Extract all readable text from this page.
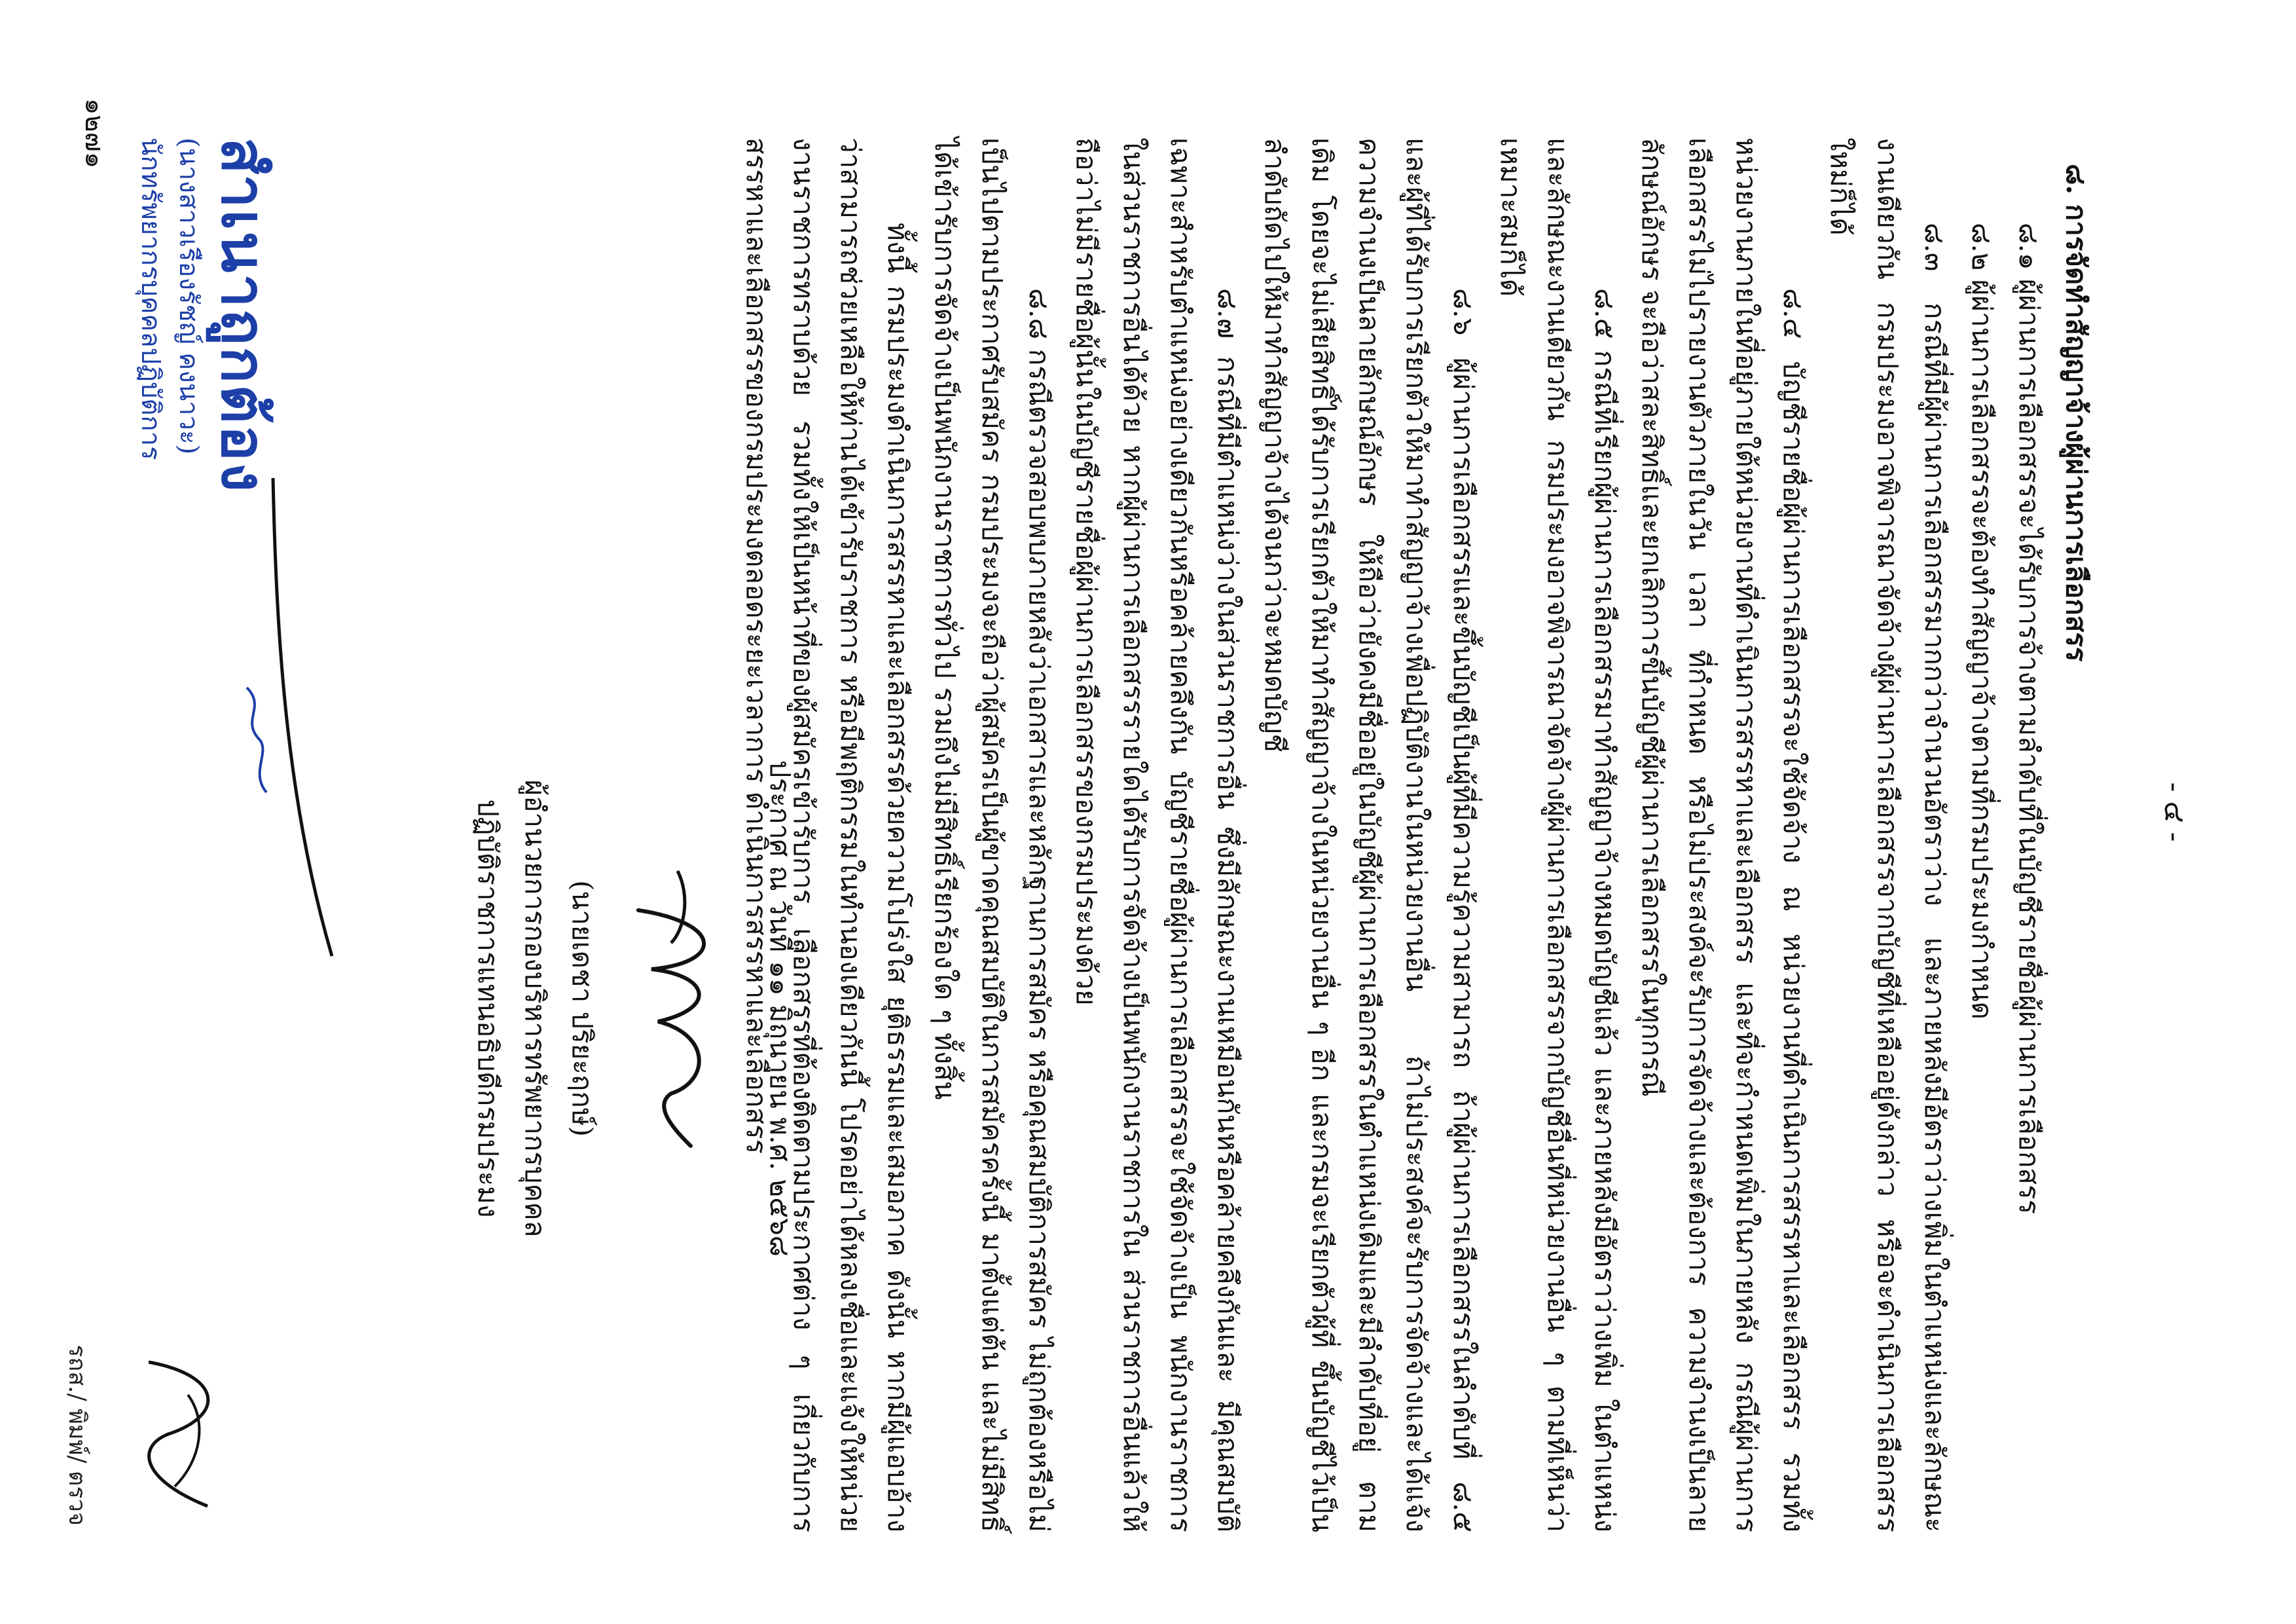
- ๔ -

๘. การจัดทำสัญญาจ้างผู้ผ่านการเลือกสรร

๘.๑ ผู้ผ่านการเลือกสรรจะได้รับการจ้างตามลำดับที่ในบัญชีรายชื่อผู้ผ่านการเลือกสรร

๘.๒ ผู้ผ่านการเลือกสรรจะต้องทำสัญญาจ้างตามที่กรมประมงกำหนด

๘.๓ กรณีที่มีผู้ผ่านการเลือกสรรมากกว่าจำนวนอัตราว่าง และภายหลังมีอัตราว่างเพิ่มในตำแหน่งและลักษณะงานเดียวกัน กรมประมงอาจพิจารณาจัดจ้างผู้ผ่านการเลือกสรรจากบัญชีที่เหลืออยู่ดังกล่าว หรือจะดำเนินการเลือกสรรใหม่ก็ได้

๘.๔ บัญชีรายชื่อผู้ผ่านการเลือกสรรจะใช้จัดจ้าง ณ หน่วยงานที่ดำเนินการสรรหาและเลือกสรร รวมทั้งหน่วยงานภายในที่อยู่ภายใต้หน่วยงานที่ดำเนินการสรรหาและเลือกสรร และที่จะกำหนดเพิ่มในภายหลัง กรณีผู้ผ่านการเลือกสรรไม่ไปรายงานตัวภายในวัน เวลา ที่กำหนด หรือไม่ประสงค์จะรับการจัดจ้างและต้องการ ความจำนงเป็นลายลักษณ์อักษร จะถือว่าสละสิทธิ์และยกเลิกการขึ้นบัญชีผู้ผ่านการเลือกสรรในทุกกรณี

๘.๕ กรณีที่เรียกผู้ผ่านการเลือกสรรมาทำสัญญาจ้างหมดบัญชีแล้ว และภายหลังมีอัตราว่างเพิ่ม ในตำแหน่งและลักษณะงานเดียวกัน กรมประมงอาจพิจารณาจัดจ้างผู้ผ่านการเลือกสรรจากบัญชีอื่นที่หน่วยงานอื่น ๆ ตามที่เห็นว่าเหมาะสมก็ได้

๘.๖ ผู้ผ่านการเลือกสรรและขึ้นบัญชีเป็นผู้ที่มีความรู้ความสามารถ ถ้าผู้ผ่านการเลือกสรรในลำดับที่ ๘.๕ และผู้ที่ได้รับการเรียกตัวให้มาทำสัญญาจ้างเพื่อปฏิบัติงานในหน่วยงานอื่น ถ้าไม่ประสงค์จะรับการจัดจ้างและได้แจ้ง ความจำนงเป็นลายลักษณ์อักษร ให้ถือว่ายังคงมีชื่ออยู่ในบัญชีผู้ผ่านการเลือกสรรในตำแหน่งเดิมและมีลำดับที่อยู่ ตามเดิม โดยจะไม่เสียสิทธิ์ได้รับการเรียกตัวให้มาทำสัญญาจ้างในหน่วยงานอื่น ๆ อีก และกรมจะเรียกตัวผู้ที่ ขึ้นบัญชีไว้เป็นลำดับถัดไปให้มาทำสัญญาจ้างได้จนกว่าจะหมดบัญชี

๘.๗ กรณีที่มีตำแหน่งว่างในส่วนราชการอื่น ซึ่งมีลักษณะงานเหมือนกันหรือคล้ายคลึงกันและ มีคุณสมบัติเฉพาะสำหรับตำแหน่งอย่างเดียวกันหรือคล้ายคลึงกัน บัญชีรายชื่อผู้ผ่านการเลือกสรรจะใช้จัดจ้างเป็น พนักงานราชการในส่วนราชการอื่นได้ด้วย หากผู้ผ่านการเลือกสรรรายใดได้รับการจัดจ้างเป็นพนักงานราชการใน ส่วนราชการอื่นแล้วให้ถือว่าไม่มีรายชื่อผู้นั้นในบัญชีรายชื่อผู้ผ่านการเลือกสรรของกรมประมงด้วย

๘.๘ กรณีตรวจสอบพบภายหลังว่าเอกสารและหลักฐานการสมัคร หรือคุณสมบัติการสมัคร ไม่ถูกต้องหรือไม่เป็นไปตามประกาศรับสมัคร กรมประมงจะถือว่าผู้สมัครเป็นผู้ขาดคุณสมบัติในการสมัครครั้งนี้ มาตั้งแต่ต้น และไม่มีสิทธิ์ได้เข้ารับการจัดจ้างเป็นพนักงานราชการทั่วไป รวมถึงไม่มีสิทธิ์เรียกร้องใด ๆ ทั้งสิ้น

ทั้งนี้ กรมประมงดำเนินการสรรหาและเลือกสรรด้วยความโปร่งใส ยุติธรรมและเสมอภาค ดังนั้น หากมีผู้แอบอ้างว่าสามารถช่วยเหลือให้ท่านได้เข้ารับราชการ หรือมีพฤติกรรมในทำนองเดียวกันนี้ โปรดอย่าได้หลงเชื่อและแจ้งให้หน่วยงานราชการทราบด้วย รวมทั้งให้เป็นหน้าที่ของผู้สมัครเข้ารับการ เลือกสรรที่ต้องติดตามประกาศต่าง ๆ เกี่ยวกับการสรรหาและเลือกสรรของกรมประมงตลอดระยะเวลาการ ดำเนินการสรรหาและเลือกสรร

ประกาศ ณ วันที่ ๑๑ มิถุนายน พ.ศ. ๒๕๖๘
(นายเดชา ปริยะฤกษ์)
ผู้อำนวยการกองบริหารทรัพยากรบุคคล
ปฏิบัติราชการแทนอธิบดีกรมประมง
สำเนาถูกต้อง
(นางสาวเรืองรัชญ์ คงนาวะ)
นักทรัพยากรบุคคลปฏิบัติการ
๑๒๗๑
รถส./ พิมพ์/ ตรวจ
